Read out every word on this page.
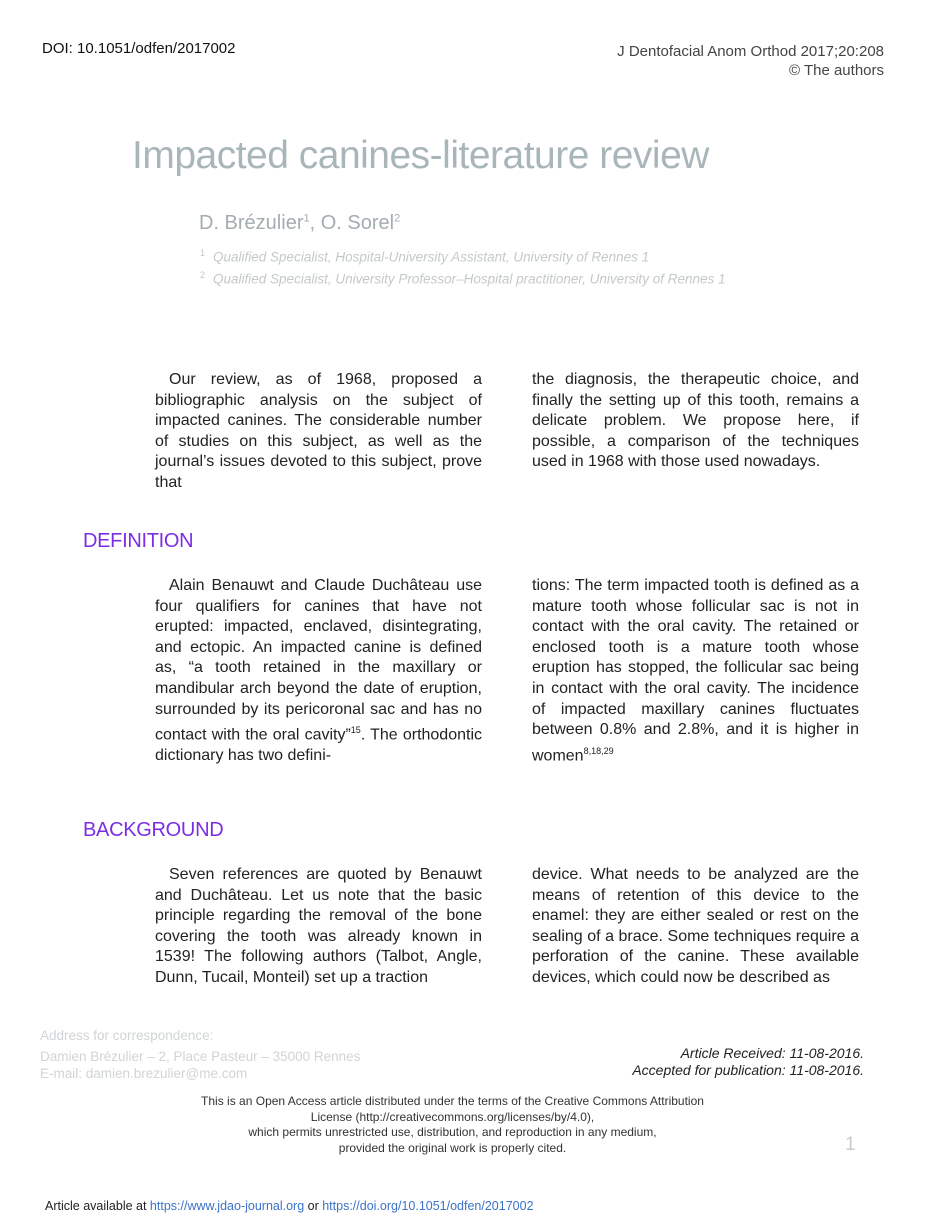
DOI: 10.1051/odfen/2017002	J Dentofacial Anom Orthod 2017;20:208
© The authors
Impacted canines-literature review
D. Brézulier$^1$, O. Sorel$^2$
$^1$ Qualified Specialist, Hospital-University Assistant, University of Rennes 1
$^2$ Qualified Specialist, University Professor–Hospital practitioner, University of Rennes 1

Our review, as of 1968, proposed a bibliographic analysis on the subject of impacted canines. The considerable number of studies on this subject, as well as the journal’s issues devoted to this subject, prove that

the diagnosis, the therapeutic choice, and finally the setting up of this tooth, remains a delicate problem. We propose here, if possible, a comparison of the techniques used in 1968 with those used nowadays.

DEFINITION

Alain Benauwt and Claude Duchâteau use four qualifiers for canines that have not erupted: impacted, enclaved, disintegrating, and ectopic. An impacted canine is defined as, “a tooth retained in the maxillary or mandibular arch beyond the date of eruption, surrounded by its pericoronal sac and has no contact with the oral cavity”$^{15}$. The orthodontic dictionary has two defini-

tions: The term impacted tooth is defined as a mature tooth whose follicular sac is not in contact with the oral cavity. The retained or enclosed tooth is a mature tooth whose eruption has stopped, the follicular sac being in contact with the oral cavity. The incidence of impacted maxillary canines fluctuates between 0.8% and 2.8%, and it is higher in women$^{8,18,29}$

BACKGROUND

Seven references are quoted by Benauwt and Duchâteau. Let us note that the basic principle regarding the removal of the bone covering the tooth was already known in 1539! The following authors (Talbot, Angle, Dunn, Tucail, Monteil) set up a traction

device. What needs to be analyzed are the means of retention of this device to the enamel: they are either sealed or rest on the sealing of a brace. Some techniques require a perforation of the canine. These available devices, which could now be described as

Address for correspondence:
Damien Brézulier – 2, Place Pasteur – 35000 Rennes
E-mail: damien.brezulier@me.com
Article Received: 11-08-2016.
Accepted for publication: 11-08-2016.
This is an Open Access article distributed under the terms of the Creative Commons Attribution
License (http://creativecommons.org/licenses/by/4.0),
which permits unrestricted use, distribution, and reproduction in any medium,
provided the original work is properly cited.	1
Article available at https://www.jdao-journal.org or https://doi.org/10.1051/odfen/2017002
